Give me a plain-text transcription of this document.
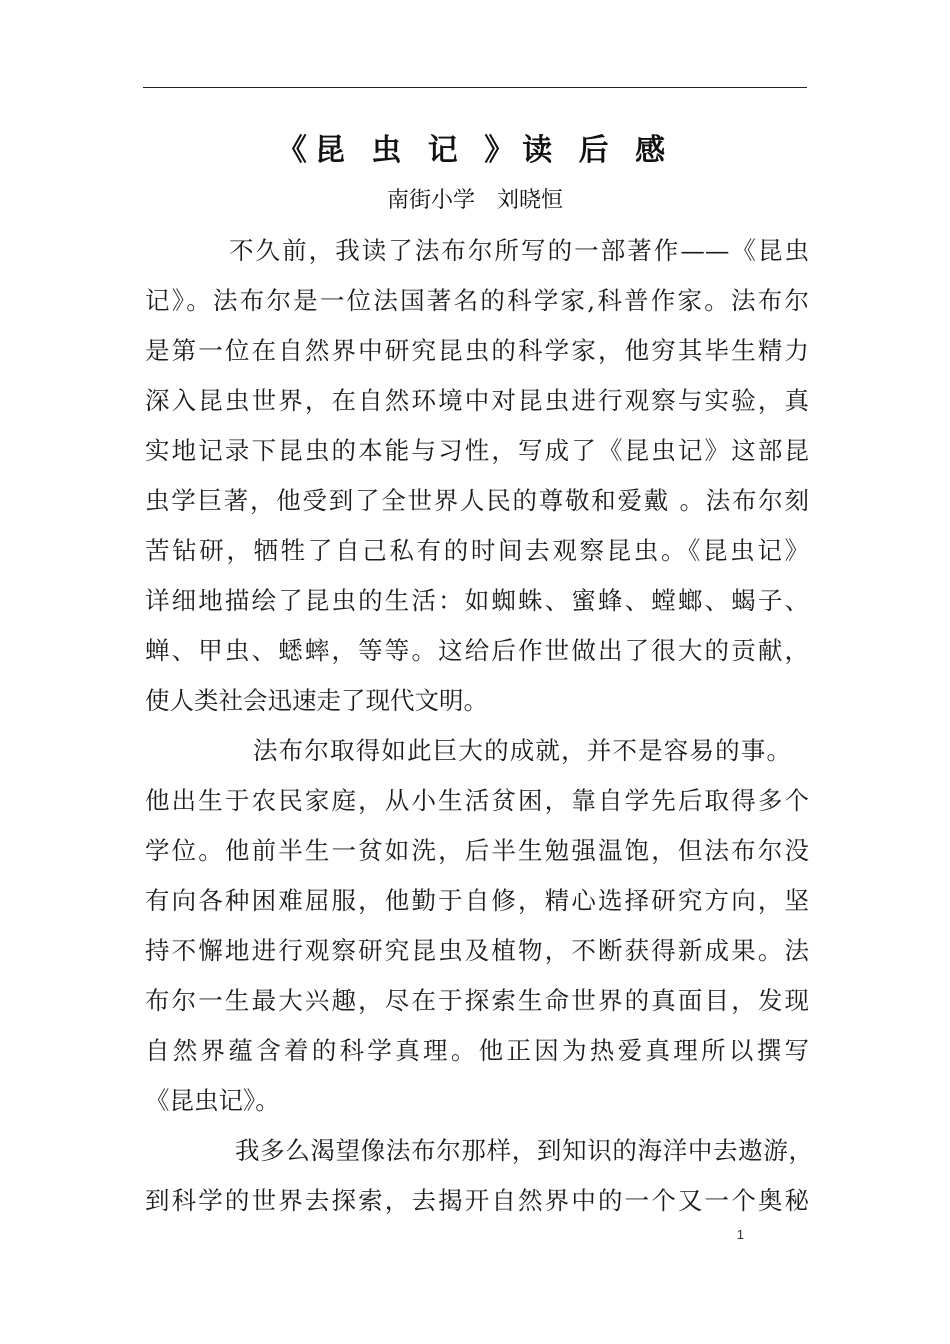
《昆 虫 记 》读 后 感
南街小学　刘晓恒
不久前，我读了法布尔所写的一部著作——《昆虫
记》。法布尔是一位法国著名的科学家,科普作家。法布尔
是第一位在自然界中研究昆虫的科学家，他穷其毕生精力
深入昆虫世界，在自然环境中对昆虫进行观察与实验，真
实地记录下昆虫的本能与习性，写成了《昆虫记》这部昆
虫学巨著，他受到了全世界人民的尊敬和爱戴 。法布尔刻
苦钻研，牺牲了自己私有的时间去观察昆虫。《昆虫记》
详细地描绘了昆虫的生活：如蜘蛛、蜜蜂、螳螂、蝎子、
蝉、甲虫、蟋蟀，等等。这给后作世做出了很大的贡献，
使人类社会迅速走了现代文明。
法布尔取得如此巨大的成就，并不是容易的事。
他出生于农民家庭，从小生活贫困，靠自学先后取得多个
学位。他前半生一贫如洗，后半生勉强温饱，但法布尔没
有向各种困难屈服，他勤于自修，精心选择研究方向，坚
持不懈地进行观察研究昆虫及植物，不断获得新成果。法
布尔一生最大兴趣，尽在于探索生命世界的真面目，发现
自然界蕴含着的科学真理。他正因为热爱真理所以撰写
《昆虫记》。
我多么渴望像法布尔那样，到知识的海洋中去遨游，
到科学的世界去探索，去揭开自然界中的一个又一个奥秘
1
